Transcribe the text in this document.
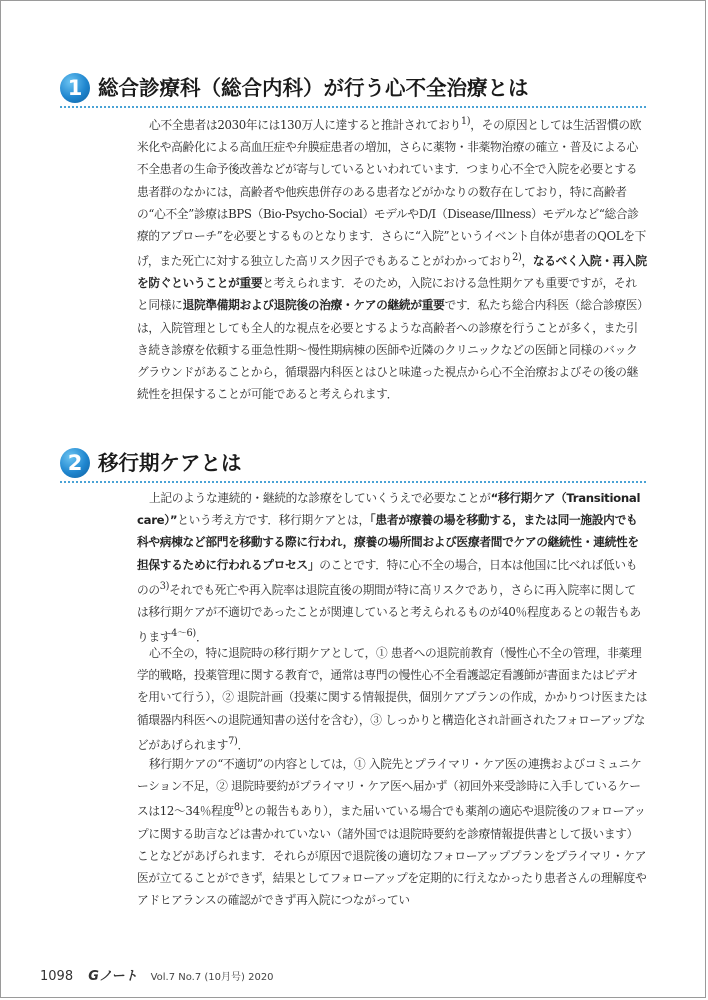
1 総合診療科（総合内科）が行う心不全治療とは

心不全患者は2030年には130万人に達すると推計されており$^{1)}$，その原因としては生活習慣の欧米化や高齢化による高血圧症や弁膜症患者の増加，さらに薬物・非薬物治療の確立・普及による心不全患者の生命予後改善などが寄与しているといわれています．つまり心不全で入院を必要とする患者群のなかには，高齢者や他疾患併存のある患者などがかなりの数存在しており，特に高齢者の“心不全”診療はBPS（Bio-Psycho-Social）モデルやD/I（Disease/Illness）モデルなど“総合診療的アプローチ”を必要とするものとなります．さらに“入院”というイベント自体が患者のQOLを下げ，また死亡に対する独立した高リスク因子でもあることがわかっており$^{2)}$，なるべく入院・再入院を防ぐということが重要と考えられます．そのため，入院における急性期ケアも重要ですが，それと同様に退院準備期および退院後の治療・ケアの継続が重要です．私たち総合内科医（総合診療医）は，入院管理としても全人的な視点を必要とするような高齢者への診療を行うことが多く，また引き続き診療を依頼する亜急性期〜慢性期病棟の医師や近隣のクリニックなどの医師と同様のバックグラウンドがあることから，循環器内科医とはひと味違った視点から心不全治療およびその後の継続性を担保することが可能であると考えられます．

2 移行期ケアとは

上記のような連続的・継続的な診療をしていくうえで必要なことが“移行期ケア（Transitional care）”という考え方です．移行期ケアとは，「患者が療養の場を移動する，または同一施設内でも科や病棟など部門を移動する際に行われ，療養の場所間および医療者間でケアの継続性・連続性を担保するために行われるプロセス」のことです．特に心不全の場合，日本は他国に比べれば低いものの$^{3)}$それでも死亡や再入院率は退院直後の期間が特に高リスクであり，さらに再入院率に関しては移行期ケアが不適切であったことが関連していると考えられるものが40％程度あるとの報告もあります$^{4〜6)}$．

心不全の，特に退院時の移行期ケアとして，① 患者への退院前教育（慢性心不全の管理，非薬理学的戦略，投薬管理に関する教育で，通常は専門の慢性心不全看護認定看護師が書面またはビデオを用いて行う），② 退院計画（投薬に関する情報提供，個別ケアプランの作成，かかりつけ医または循環器内科医への退院通知書の送付を含む），③ しっかりと構造化され計画されたフォローアップなどがあげられます$^{7)}$．

移行期ケアの“不適切”の内容としては，① 入院先とプライマリ・ケア医の連携およびコミュニケーション不足，② 退院時要約がプライマリ・ケア医へ届かず（初回外来受診時に入手しているケースは12〜34％程度$^{8)}$との報告もあり），また届いている場合でも薬剤の適応や退院後のフォローアップに関する助言などは書かれていない（諸外国では退院時要約を診療情報提供書として扱います）ことなどがあげられます．それらが原因で退院後の適切なフォローアッププランをプライマリ・ケア医が立てることができず，結果としてフォローアップを定期的に行えなかったり患者さんの理解度やアドヒアランスの確認ができず再入院につながってい

1098 Gノート Vol.7 No.7 (10月号) 2020
